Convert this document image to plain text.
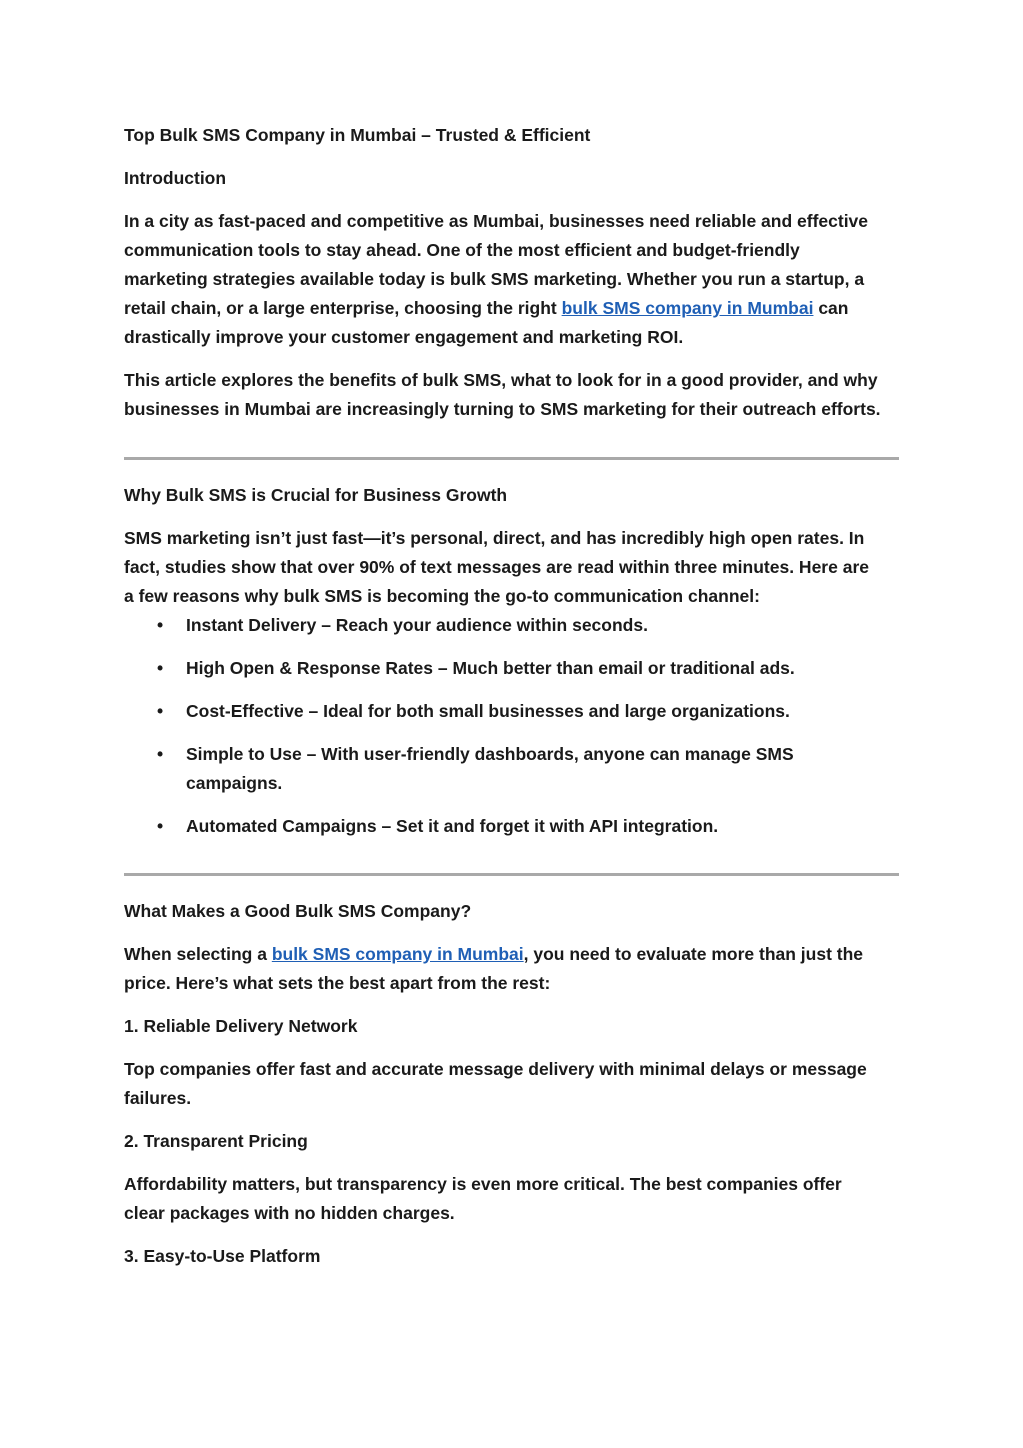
Top Bulk SMS Company in Mumbai – Trusted & Efficient

Introduction

In a city as fast-paced and competitive as Mumbai, businesses need reliable and effective
communication tools to stay ahead. One of the most efficient and budget-friendly
marketing strategies available today is bulk SMS marketing. Whether you run a startup, a
retail chain, or a large enterprise, choosing the right bulk SMS company in Mumbai can
drastically improve your customer engagement and marketing ROI.

This article explores the benefits of bulk SMS, what to look for in a good provider, and why
businesses in Mumbai are increasingly turning to SMS marketing for their outreach efforts.

Why Bulk SMS is Crucial for Business Growth

SMS marketing isn’t just fast—it’s personal, direct, and has incredibly high open rates. In
fact, studies show that over 90% of text messages are read within three minutes. Here are
a few reasons why bulk SMS is becoming the go-to communication channel:

• Instant Delivery – Reach your audience within seconds.
• High Open & Response Rates – Much better than email or traditional ads.
• Cost-Effective – Ideal for both small businesses and large organizations.
• Simple to Use – With user-friendly dashboards, anyone can manage SMS
campaigns.
• Automated Campaigns – Set it and forget it with API integration.

What Makes a Good Bulk SMS Company?

When selecting a bulk SMS company in Mumbai, you need to evaluate more than just the
price. Here’s what sets the best apart from the rest:

1. Reliable Delivery Network

Top companies offer fast and accurate message delivery with minimal delays or message
failures.

2. Transparent Pricing

Affordability matters, but transparency is even more critical. The best companies offer
clear packages with no hidden charges.

3. Easy-to-Use Platform
